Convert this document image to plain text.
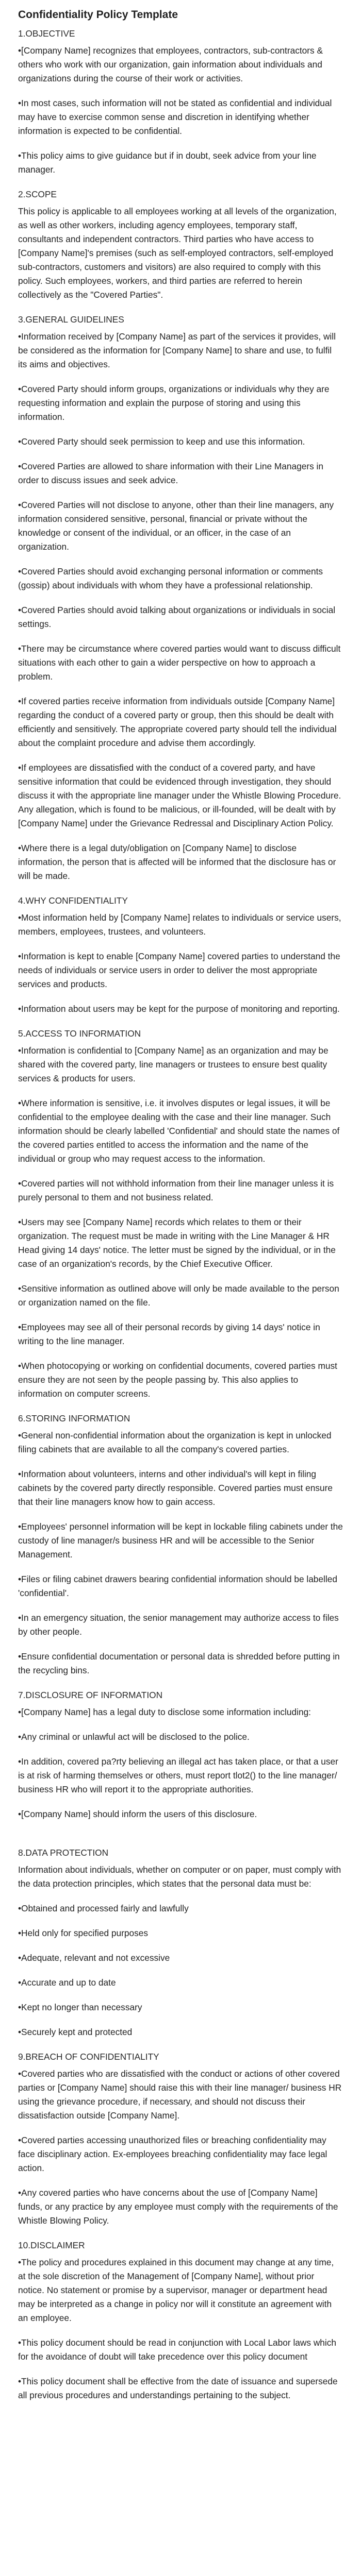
Confidentiality Policy Template
1.OBJECTIVE

•[Company Name] recognizes that employees, contractors, sub-contractors & others who work with our organization, gain information about individuals and organizations during the course of their work or activities.

•In most cases, such information will not be stated as confidential and individual may have to exercise common sense and discretion in identifying whether information is expected to be confidential.

•This policy aims to give guidance but if in doubt, seek advice from your line manager.

2.SCOPE

This policy is applicable to all employees working at all levels of the organization, as well as other workers, including agency employees, temporary staff, consultants and independent contractors. Third parties who have access to [Company Name]'s premises (such as self-employed contractors, self-employed sub-contractors, customers and visitors) are also required to comply with this policy. Such employees, workers, and third parties are referred to herein collectively as the "Covered Parties".

3.GENERAL GUIDELINES

•Information received by [Company Name] as part of the services it provides, will be considered as the information for [Company Name] to share and use, to fulfil its aims and objectives.

•Covered Party should inform groups, organizations or individuals why they are requesting information and explain the purpose of storing and using this information.

•Covered Party should seek permission to keep and use this information.

•Covered Parties are allowed to share information with their Line Managers in order to discuss issues and seek advice.

•Covered Parties will not disclose to anyone, other than their line managers, any information considered sensitive, personal, financial or private without the knowledge or consent of the individual, or an officer, in the case of an organization.

•Covered Parties should avoid exchanging personal information or comments (gossip) about individuals with whom they have a professional relationship.

•Covered Parties should avoid talking about organizations or individuals in social settings.

•There may be circumstance where covered parties would want to discuss difficult situations with each other to gain a wider perspective on how to approach a problem.

•If covered parties receive information from individuals outside [Company Name] regarding the conduct of a covered party or group, then this should be dealt with efficiently and sensitively. The appropriate covered party should tell the individual about the complaint procedure and advise them accordingly.

•If employees are dissatisfied with the conduct of a covered party, and have sensitive information that could be evidenced through investigation, they should discuss it with the appropriate line manager under the Whistle Blowing Procedure. Any allegation, which is found to be malicious, or ill-founded, will be dealt with by [Company Name] under the Grievance Redressal and Disciplinary Action Policy.

•Where there is a legal duty/obligation on [Company Name] to disclose information, the person that is affected will be informed that the disclosure has or will be made.

4.WHY CONFIDENTIALITY

•Most information held by [Company Name] relates to individuals or service users, members, employees, trustees, and volunteers.

•Information is kept to enable [Company Name] covered parties to understand the needs of individuals or service users in order to deliver the most appropriate services and products.

•Information about users may be kept for the purpose of monitoring and reporting.

5.ACCESS TO INFORMATION

•Information is confidential to [Company Name] as an organization and may be shared with the covered party, line managers or trustees to ensure best quality services & products for users.

•Where information is sensitive, i.e. it involves disputes or legal issues, it will be confidential to the employee dealing with the case and their line manager. Such information should be clearly labelled 'Confidential' and should state the names of the covered parties entitled to access the information and the name of the individual or group who may request access to the information.

•Covered parties will not withhold information from their line manager unless it is purely personal to them and not business related.

•Users may see [Company Name] records which relates to them or their organization. The request must be made in writing with the Line Manager & HR Head giving 14 days' notice. The letter must be signed by the individual, or in the case of an organization's records, by the Chief Executive Officer.

•Sensitive information as outlined above will only be made available to the person or organization named on the file.

•Employees may see all of their personal records by giving 14 days' notice in writing to the line manager.

•When photocopying or working on confidential documents, covered parties must ensure they are not seen by the people passing by. This also applies to information on computer screens.

6.STORING INFORMATION

•General non-confidential information about the organization is kept in unlocked filing cabinets that are available to all the company's covered parties.

•Information about volunteers, interns and other individual's will kept in filing cabinets by the covered party directly responsible. Covered parties must ensure that their line managers know how to gain access.

•Employees' personnel information will be kept in lockable filing cabinets under the custody of line manager/s business HR and will be accessible to the Senior Management.

•Files or filing cabinet drawers bearing confidential information should be labelled 'confidential'.

•In an emergency situation, the senior management may authorize access to files by other people.

•Ensure confidential documentation or personal data is shredded before putting in the recycling bins.

7.DISCLOSURE OF INFORMATION

•[Company Name] has a legal duty to disclose some information including:

•Any criminal or unlawful act will be disclosed to the police.

•In addition, covered pa?rty believing an illegal act has taken place, or that a user is at risk of harming themselves or others, must report tlot2() to the line manager/ business HR who will report it to the appropriate authorities.

•[Company Name] should inform the users of this disclosure.

8.DATA PROTECTION

Information about individuals, whether on computer or on paper, must comply with the data protection principles, which states that the personal data must be:

•Obtained and processed fairly and lawfully

•Held only for specified purposes

•Adequate, relevant and not excessive

•Accurate and up to date

•Kept no longer than necessary

•Securely kept and protected

9.BREACH OF CONFIDENTIALITY

•Covered parties who are dissatisfied with the conduct or actions of other covered parties or [Company Name] should raise this with their line manager/ business HR using the grievance procedure, if necessary, and should not discuss their dissatisfaction outside [Company Name].

•Covered parties accessing unauthorized files or breaching confidentiality may face disciplinary action. Ex-employees breaching confidentiality may face legal action.

•Any covered parties who have concerns about the use of [Company Name] funds, or any practice by any employee must comply with the requirements of the Whistle Blowing Policy.

10.DISCLAIMER

•The policy and procedures explained in this document may change at any time, at the sole discretion of the Management of [Company Name], without prior notice. No statement or promise by a supervisor, manager or department head may be interpreted as a change in policy nor will it constitute an agreement with an employee.

•This policy document should be read in conjunction with Local Labor laws which for the avoidance of doubt will take precedence over this policy document

•This policy document shall be effective from the date of issuance and supersede all previous procedures and understandings pertaining to the subject.
